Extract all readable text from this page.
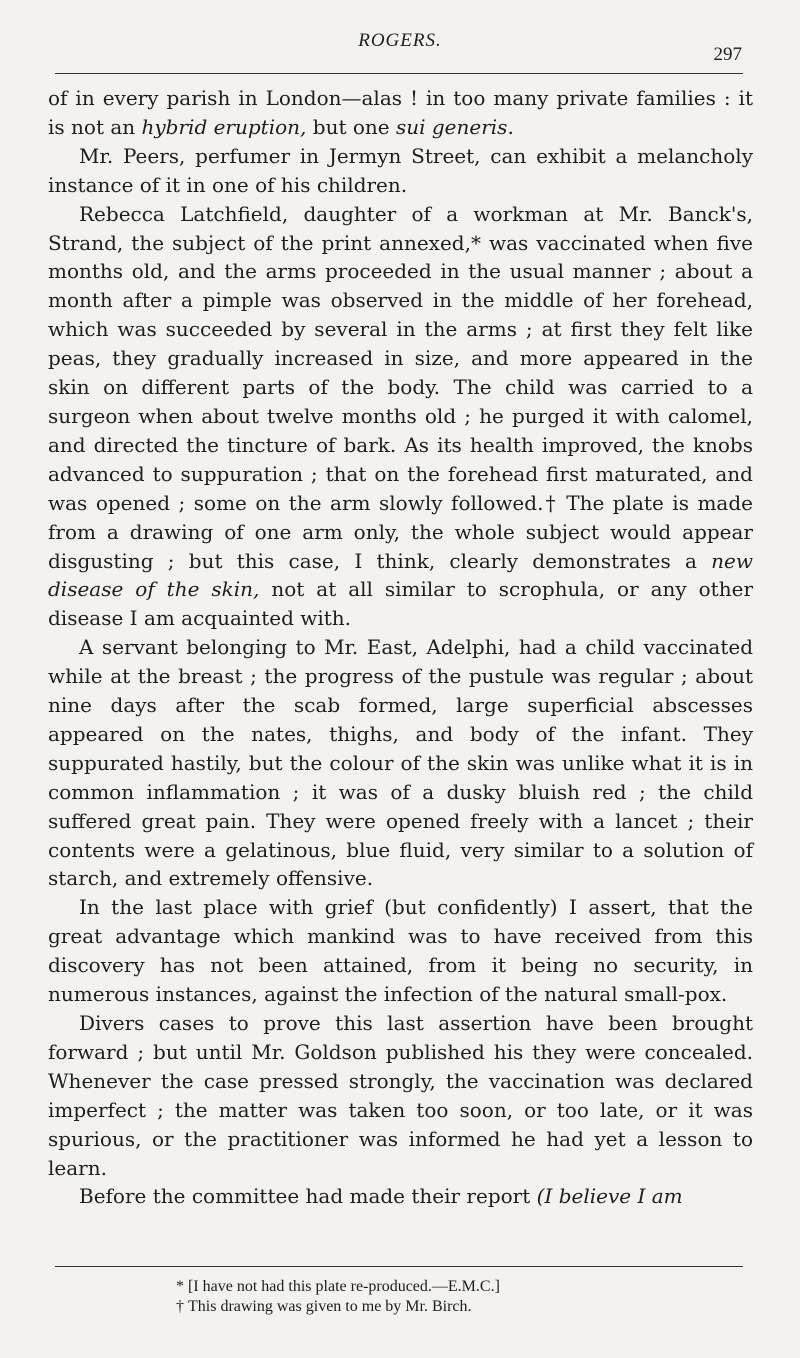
ROGERS.
297

of in every parish in London—alas ! in too many private families : it is not an hybrid eruption, but one sui generis.

Mr. Peers, perfumer in Jermyn Street, can exhibit a melancholy instance of it in one of his children.

Rebecca Latchfield, daughter of a workman at Mr. Banck's, Strand, the subject of the print annexed,* was vaccinated when five months old, and the arms proceeded in the usual manner ; about a month after a pimple was observed in the middle of her forehead, which was succeeded by several in the arms ; at first they felt like peas, they gradually increased in size, and more appeared in the skin on different parts of the body. The child was carried to a surgeon when about twelve months old ; he purged it with calomel, and directed the tincture of bark. As its health improved, the knobs advanced to suppuration ; that on the forehead first maturated, and was opened ; some on the arm slowly followed.† The plate is made from a drawing of one arm only, the whole subject would appear disgusting ; but this case, I think, clearly demonstrates a new disease of the skin, not at all similar to scrophula, or any other disease I am acquainted with.

A servant belonging to Mr. East, Adelphi, had a child vaccinated while at the breast ; the progress of the pustule was regular ; about nine days after the scab formed, large superficial abscesses appeared on the nates, thighs, and body of the infant. They suppurated hastily, but the colour of the skin was unlike what it is in common inflammation ; it was of a dusky bluish red ; the child suffered great pain. They were opened freely with a lancet ; their contents were a gelatinous, blue fluid, very similar to a solution of starch, and extremely offensive.

In the last place with grief (but confidently) I assert, that the great advantage which mankind was to have received from this discovery has not been attained, from it being no security, in numerous instances, against the infection of the natural small-pox.

Divers cases to prove this last assertion have been brought forward ; but until Mr. Goldson published his they were concealed. Whenever the case pressed strongly, the vaccination was declared imperfect ; the matter was taken too soon, or too late, or it was spurious, or the practitioner was informed he had yet a lesson to learn.

Before the committee had made their report (I believe I am

* [I have not had this plate re-produced.—E.M.C.]
† This drawing was given to me by Mr. Birch.
